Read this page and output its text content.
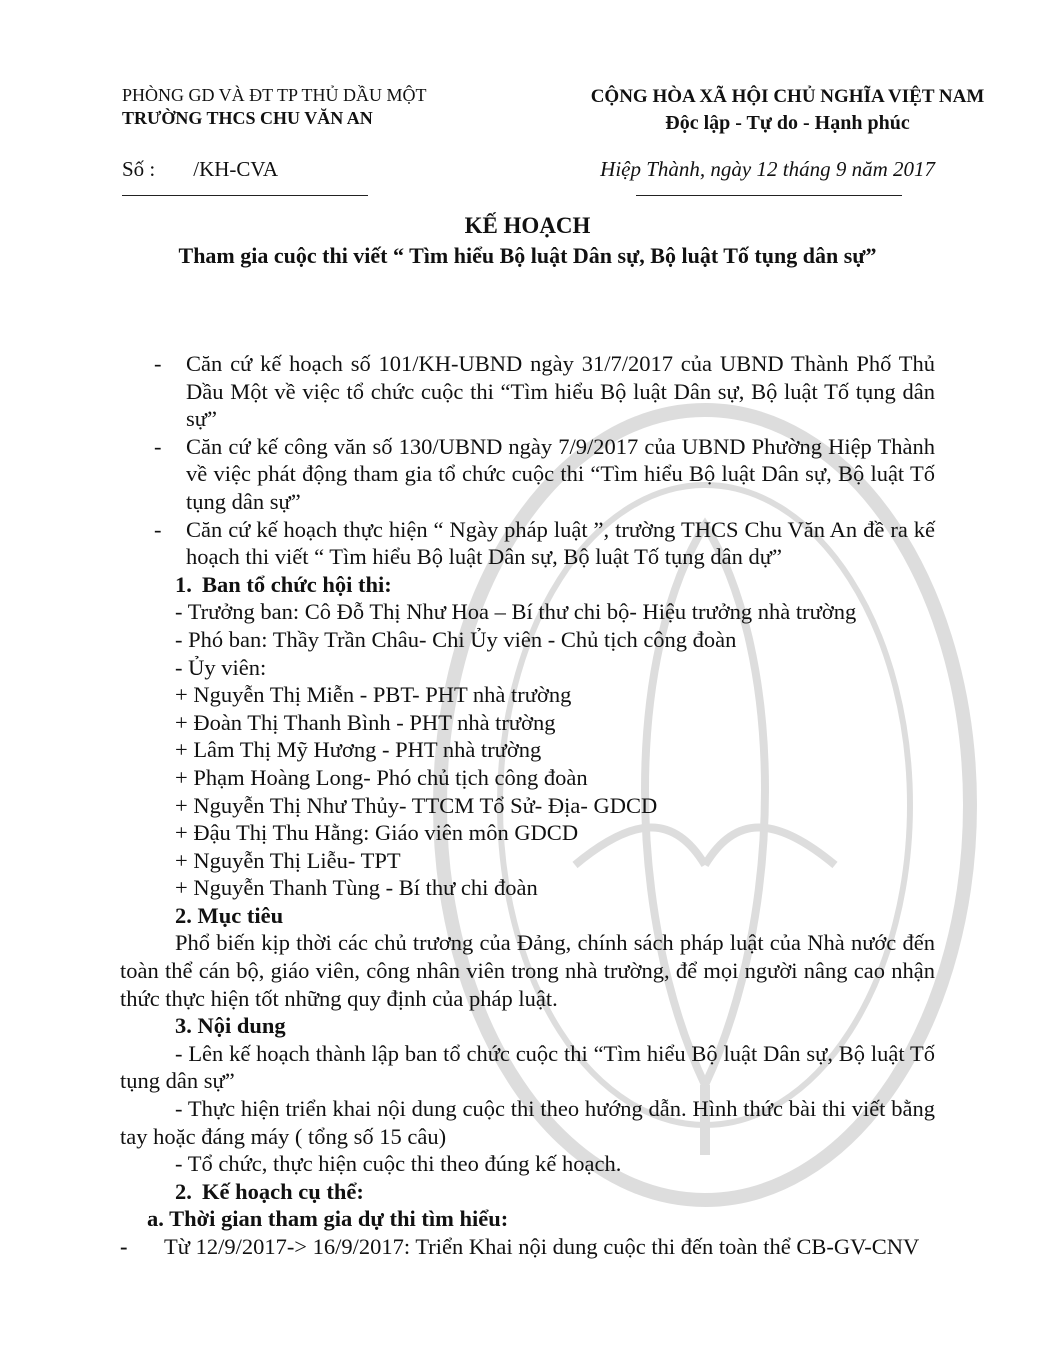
PHÒNG GD VÀ ĐT TP THỦ DẦU MỘT
TRƯỜNG THCS CHU VĂN AN
CỘNG HÒA XÃ HỘI CHỦ NGHĨA VIỆT NAM
Độc lập - Tự do - Hạnh phúc
Số : /KH-CVA	Hiệp Thành, ngày 12 tháng 9 năm 2017
KẾ HOẠCH
Tham gia cuộc thi viết “ Tìm hiểu Bộ luật Dân sự, Bộ luật Tố tụng dân sự”

- Căn cứ kế hoạch số 101/KH-UBND ngày 31/7/2017 của UBND Thành Phố Thủ Dầu Một về việc tổ chức cuộc thi “Tìm hiểu Bộ luật Dân sự, Bộ luật Tố tụng dân sự”

- Căn cứ kế công văn số 130/UBND ngày 7/9/2017 của UBND Phường Hiệp Thành về việc phát động tham gia tổ chức cuộc thi “Tìm hiểu Bộ luật Dân sự, Bộ luật Tố tụng dân sự”

- Căn cứ kế hoạch thực hiện “ Ngày pháp luật ”, trường THCS Chu Văn An đề ra kế hoạch thi viết “ Tìm hiểu Bộ luật Dân sự, Bộ luật Tố tụng dân dự”

1. Ban tổ chức hội thi:

- Trưởng ban: Cô Đỗ Thị Như Hoa – Bí thư chi bộ- Hiệu trưởng nhà trường

- Phó ban: Thầy Trần Châu- Chi Ủy viên - Chủ tịch công đoàn

- Ủy viên:

+ Nguyễn Thị Miễn - PBT- PHT nhà trường

+ Đoàn Thị Thanh Bình - PHT nhà trường

+ Lâm Thị Mỹ Hương - PHT nhà trường

+ Phạm Hoàng Long- Phó chủ tịch công đoàn

+ Nguyễn Thị Như Thủy- TTCM Tổ Sử- Địa- GDCD

+ Đậu Thị Thu Hằng: Giáo viên môn GDCD

+ Nguyễn Thị Liễu- TPT

+ Nguyễn Thanh Tùng - Bí thư chi đoàn

2. Mục tiêu

Phổ biến kịp thời các chủ trương của Đảng, chính sách pháp luật của Nhà nước đến toàn thể cán bộ, giáo viên, công nhân viên trong nhà trường, để mọi người nâng cao nhận thức thực hiện tốt những quy định của pháp luật.

3. Nội dung

- Lên kế hoạch thành lập ban tổ chức cuộc thi “Tìm hiểu Bộ luật Dân sự, Bộ luật Tố tụng dân sự”

- Thực hiện triển khai nội dung cuộc thi theo hướng dẫn. Hình thức bài thi viết bằng tay hoặc đáng máy ( tổng số 15 câu)

- Tổ chức, thực hiện cuộc thi theo đúng kế hoạch.

2. Kế hoạch cụ thể:

a. Thời gian tham gia dự thi tìm hiểu:

- Từ 12/9/2017-> 16/9/2017: Triển Khai nội dung cuộc thi đến toàn thể CB-GV-CNV
